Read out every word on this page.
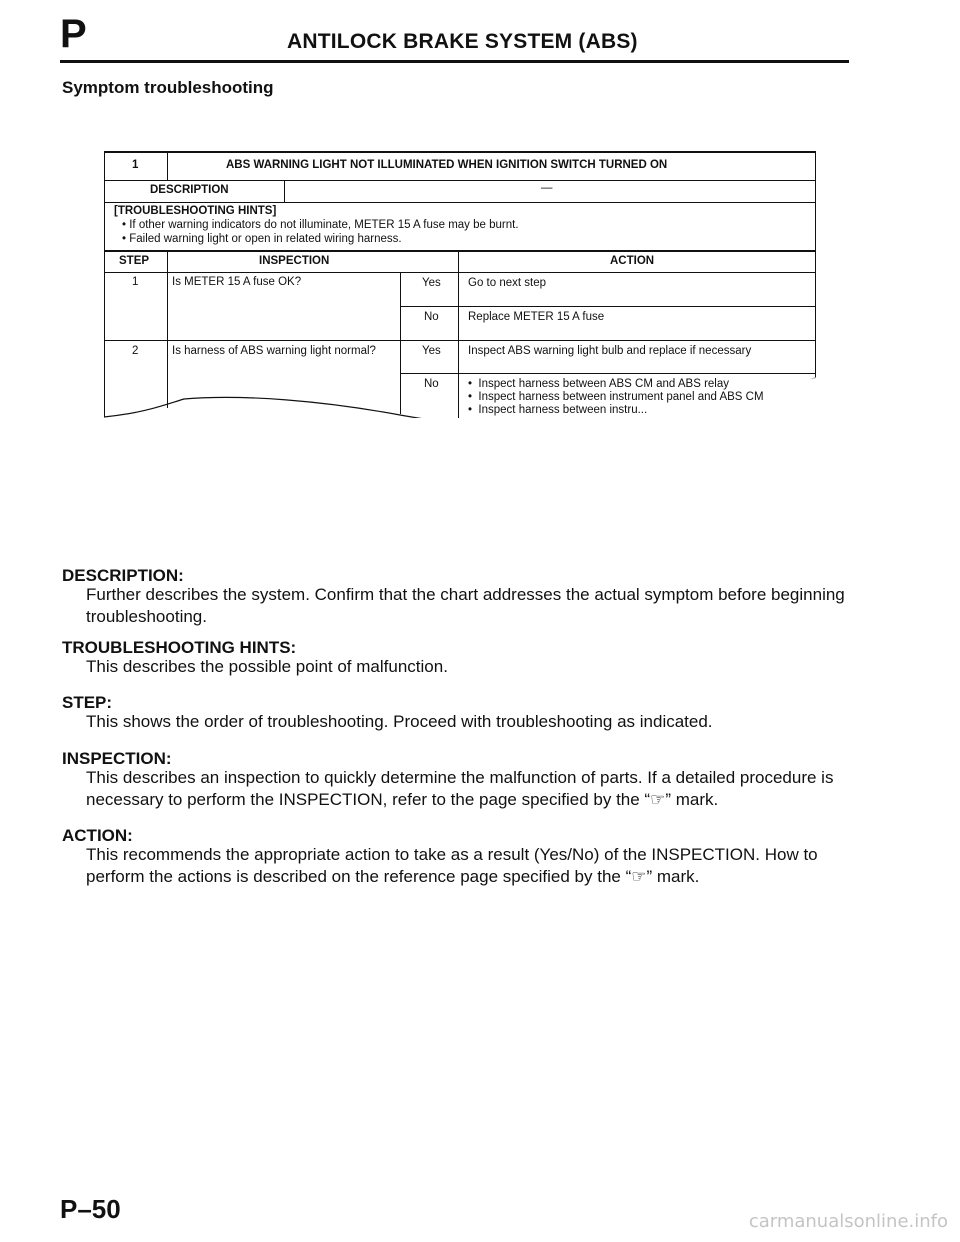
P	ANTILOCK BRAKE SYSTEM (ABS)
Symptom troubleshooting
1	ABS WARNING LIGHT NOT ILLUMINATED WHEN IGNITION SWITCH TURNED ON
DESCRIPTION	—
[TROUBLESHOOTING HINTS]
• If other warning indicators do not illuminate, METER 15 A fuse may be burnt.
• Failed warning light or open in related wiring harness.
STEP	INSPECTION	ACTION
1	Is METER 15 A fuse OK?	Yes Go to next step
No	Replace METER 15 A fuse
2	Is harness of ABS warning light normal?	Yes Inspect ABS warning light bulb and replace if necessary
No	•  Inspect harness between ABS CM and ABS relay
•  Inspect harness between instrument panel and ABS CM
•  Inspect harness between instru...
DESCRIPTION:
Further describes the system. Confirm that the chart addresses the actual symptom before beginning troubleshooting.
TROUBLESHOOTING HINTS:
This describes the possible point of malfunction.
STEP:
This shows the order of troubleshooting. Proceed with troubleshooting as indicated.
INSPECTION:
This describes an inspection to quickly determine the malfunction of parts. If a detailed procedure is necessary to perform the INSPECTION, refer to the page specified by the “☞” mark.
ACTION:
This recommends the appropriate action to take as a result (Yes/No) of the INSPECTION. How to perform the actions is described on the reference page specified by the “☞” mark.
P–50	carmanualsonline.info
